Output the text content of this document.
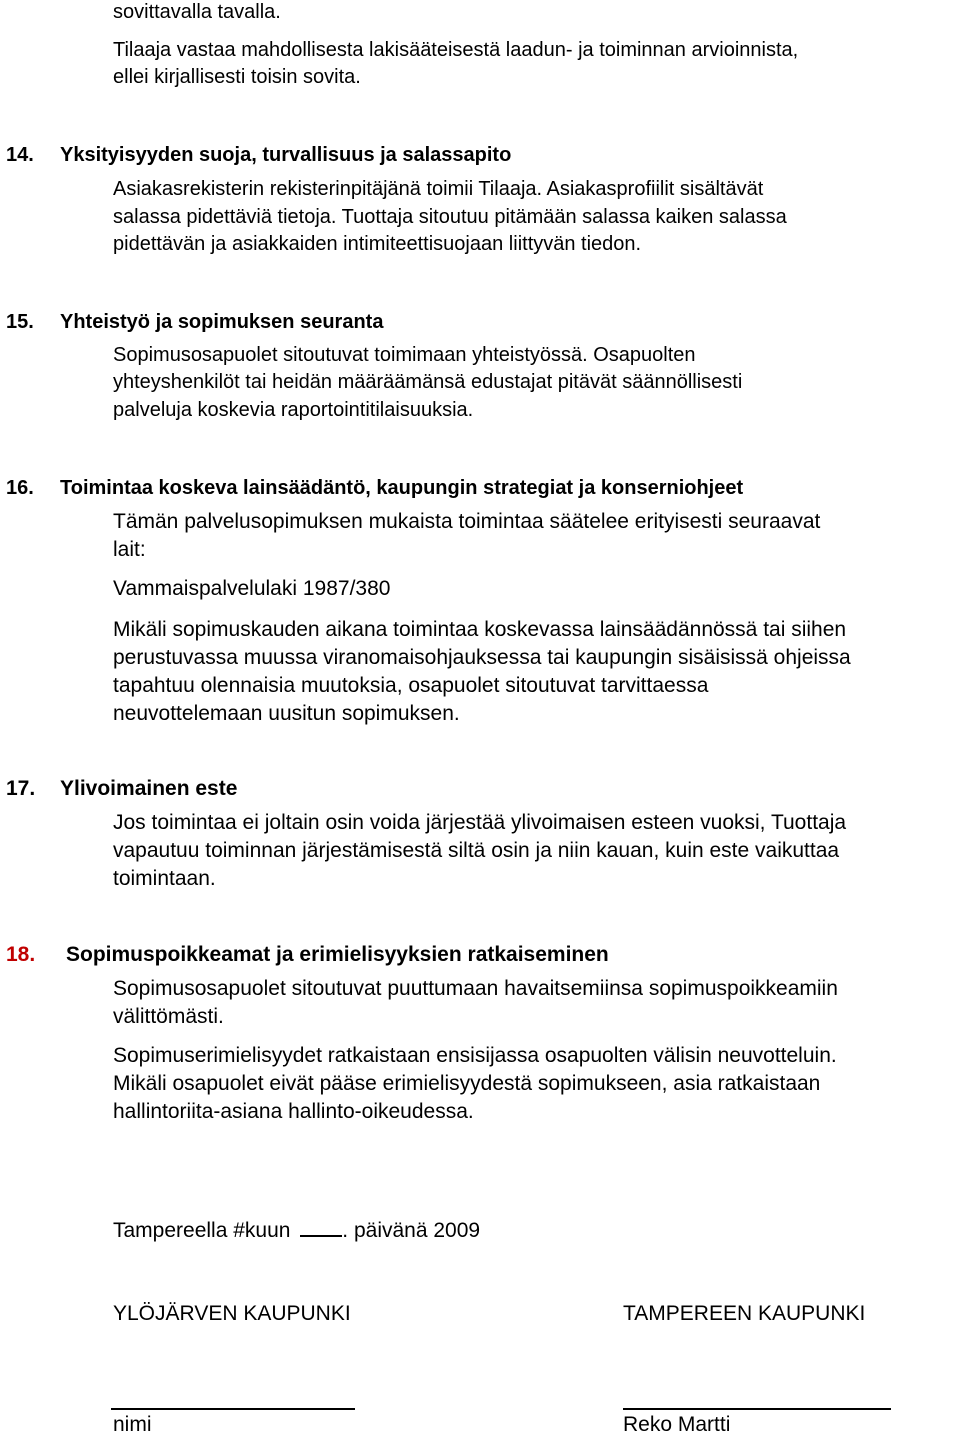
sovittavalla tavalla.
Tilaaja vastaa mahdollisesta lakisääteisestä laadun- ja toiminnan arvioinnista,
ellei kirjallisesti toisin sovita.
14. Yksityisyyden suoja, turvallisuus ja salassapito
Asiakasrekisterin rekisterinpitäjänä toimii Tilaaja. Asiakasprofiilit sisältävät
salassa pidettäviä tietoja. Tuottaja sitoutuu pitämään salassa kaiken salassa
pidettävän ja asiakkaiden intimiteettisuojaan liittyvän tiedon.
15. Yhteistyö ja sopimuksen seuranta
Sopimusosapuolet sitoutuvat toimimaan yhteistyössä. Osapuolten
yhteyshenkilöt tai heidän määräämänsä edustajat pitävät säännöllisesti
palveluja koskevia raportointitilaisuuksia.
16. Toimintaa koskeva lainsäädäntö, kaupungin strategiat ja konserniohjeet
Tämän palvelusopimuksen mukaista toimintaa säätelee erityisesti seuraavat
lait:
Vammaispalvelulaki 1987/380
Mikäli sopimuskauden aikana toimintaa koskevassa lainsäädännössä tai siihen
perustuvassa muussa viranomaisohjauksessa tai kaupungin sisäisissä ohjeissa
tapahtuu olennaisia muutoksia, osapuolet sitoutuvat tarvittaessa
neuvottelemaan uusitun sopimuksen.
17. Ylivoimainen este
Jos toimintaa ei joltain osin voida järjestää ylivoimaisen esteen vuoksi, Tuottaja
vapautuu toiminnan järjestämisestä siltä osin ja niin kauan, kuin este vaikuttaa
toimintaan.
18. Sopimuspoikkeamat ja erimielisyyksien ratkaiseminen
Sopimusosapuolet sitoutuvat puuttumaan havaitsemiinsa sopimuspoikkeamiin
välittömästi.
Sopimuserimielisyydet ratkaistaan ensisijassa osapuolten välisin neuvotteluin.
Mikäli osapuolet eivät pääse erimielisyydestä sopimukseen, asia ratkaistaan
hallintoriita-asiana hallinto-oikeudessa.
Tampereella #kuun . päivänä 2009
YLÖJÄRVEN KAUPUNKI	TAMPEREEN KAUPUNKI
nimi	Reko Martti
